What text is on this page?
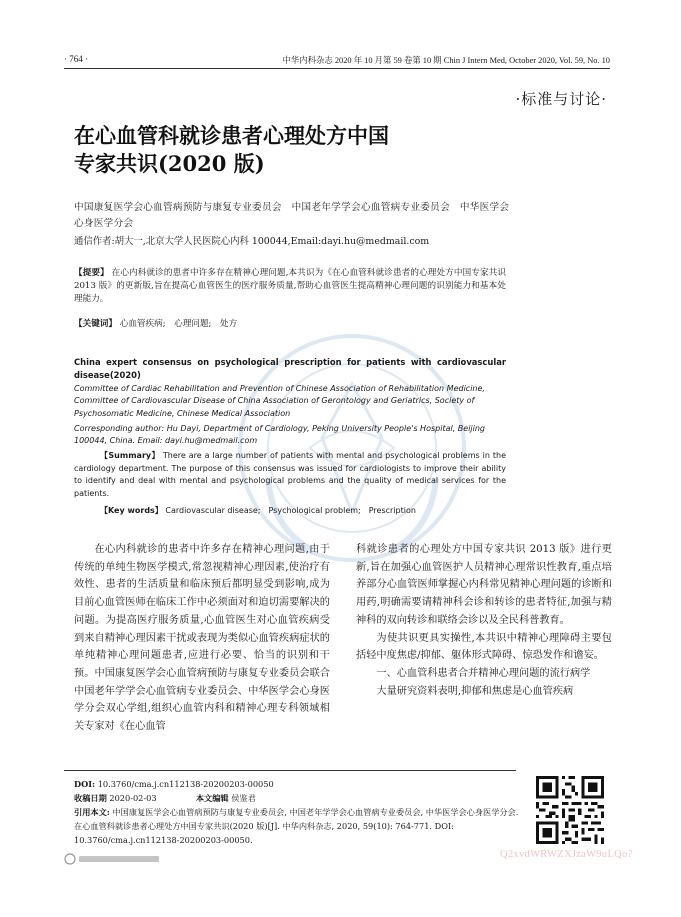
· 764 ·	中华内科杂志 2020 年 10 月第 59 卷第 10 期 Chin J Intern Med, October 2020, Vol. 59, No. 10
·标准与讨论·
在心血管科就诊患者心理处方中国
专家共识(2020 版)
中国康复医学会心血管病预防与康复专业委员会　中国老年学学会心血管病专业委员会　中华医学会心身医学分会
通信作者:胡大一,北京大学人民医院心内科 100044,Email:dayi.hu@medmail.com
【提要】 在心内科就诊的患者中许多存在精神心理问题,本共识为《在心血管科就诊患者的心理处方中国专家共识 2013 版》的更新版,旨在提高心血管医生的医疗服务质量,帮助心血管医生提高精神心理问题的识别能力和基本处理能力。
【关键词】 心血管疾病;　心理问题;　处方
China expert consensus on psychological prescription for patients with cardiovascular disease(2020)
Committee of Cardiac Rehabilitation and Prevention of Chinese Association of Rehabilitation Medicine, Committee of Cardiovascular Disease of China Association of Gerontology and Geriatrics, Society of Psychosomatic Medicine, Chinese Medical Association
Corresponding author: Hu Dayi, Department of Cardiology, Peking University People's Hospital, Beijing 100044, China. Email: dayi.hu@medmail.com
【Summary】 There are a large number of patients with mental and psychological problems in the cardiology department. The purpose of this consensus was issued for cardiologists to improve their ability to identify and deal with mental and psychological problems and the quality of medical services for the patients.
【Key words】 Cardiovascular disease;　Psychological problem;　Prescription

在心内科就诊的患者中许多存在精神心理问题,由于传统的单纯生物医学模式,常忽视精神心理因素,使治疗有效性、患者的生活质量和临床预后都明显受到影响,成为目前心血管医师在临床工作中必须面对和迫切需要解决的问题。为提高医疗服务质量,心血管医生对心血管疾病受到来自精神心理因素干扰或表现为类似心血管疾病症状的单纯精神心理问题患者,应进行必要、恰当的识别和干预。中国康复医学会心血管病预防与康复专业委员会联合中国老年学学会心血管病专业委员会、中华医学会心身医学分会双心学组,组织心血管内科和精神心理专科领域相关专家对《在心血管

科就诊患者的心理处方中国专家共识 2013 版》进行更新,旨在加强心血管医护人员精神心理常识性教育,重点培养部分心血管医师掌握心内科常见精神心理问题的诊断和用药,明确需要请精神科会诊和转诊的患者特征,加强与精神科的双向转诊和联络会诊以及全民科普教育。

为使共识更具实操性,本共识中精神心理障碍主要包括轻中度焦虑/抑郁、躯体形式障碍、惊恐发作和谵妄。

一、心血管科患者合并精神心理问题的流行病学

大量研究资料表明,抑郁和焦虑是心血管疾病

DOI: 10.3760/cma.j.cn112138-20200203-00050
收稿日期 2020-02-03	本文编辑 侯鉴君
引用本文: 中国康复医学会心血管病预防与康复专业委员会, 中国老年学学会心血管病专业委员会, 中华医学会心身医学分会. 在心血管科就诊患者心理处方中国专家共识(2020 版)[J]. 中华内科杂志, 2020, 59(10): 764-771. DOI: 10.3760/cma.j.cn112138-20200203-00050.
Q2xvdWRWZXJzaW9uLQo?
